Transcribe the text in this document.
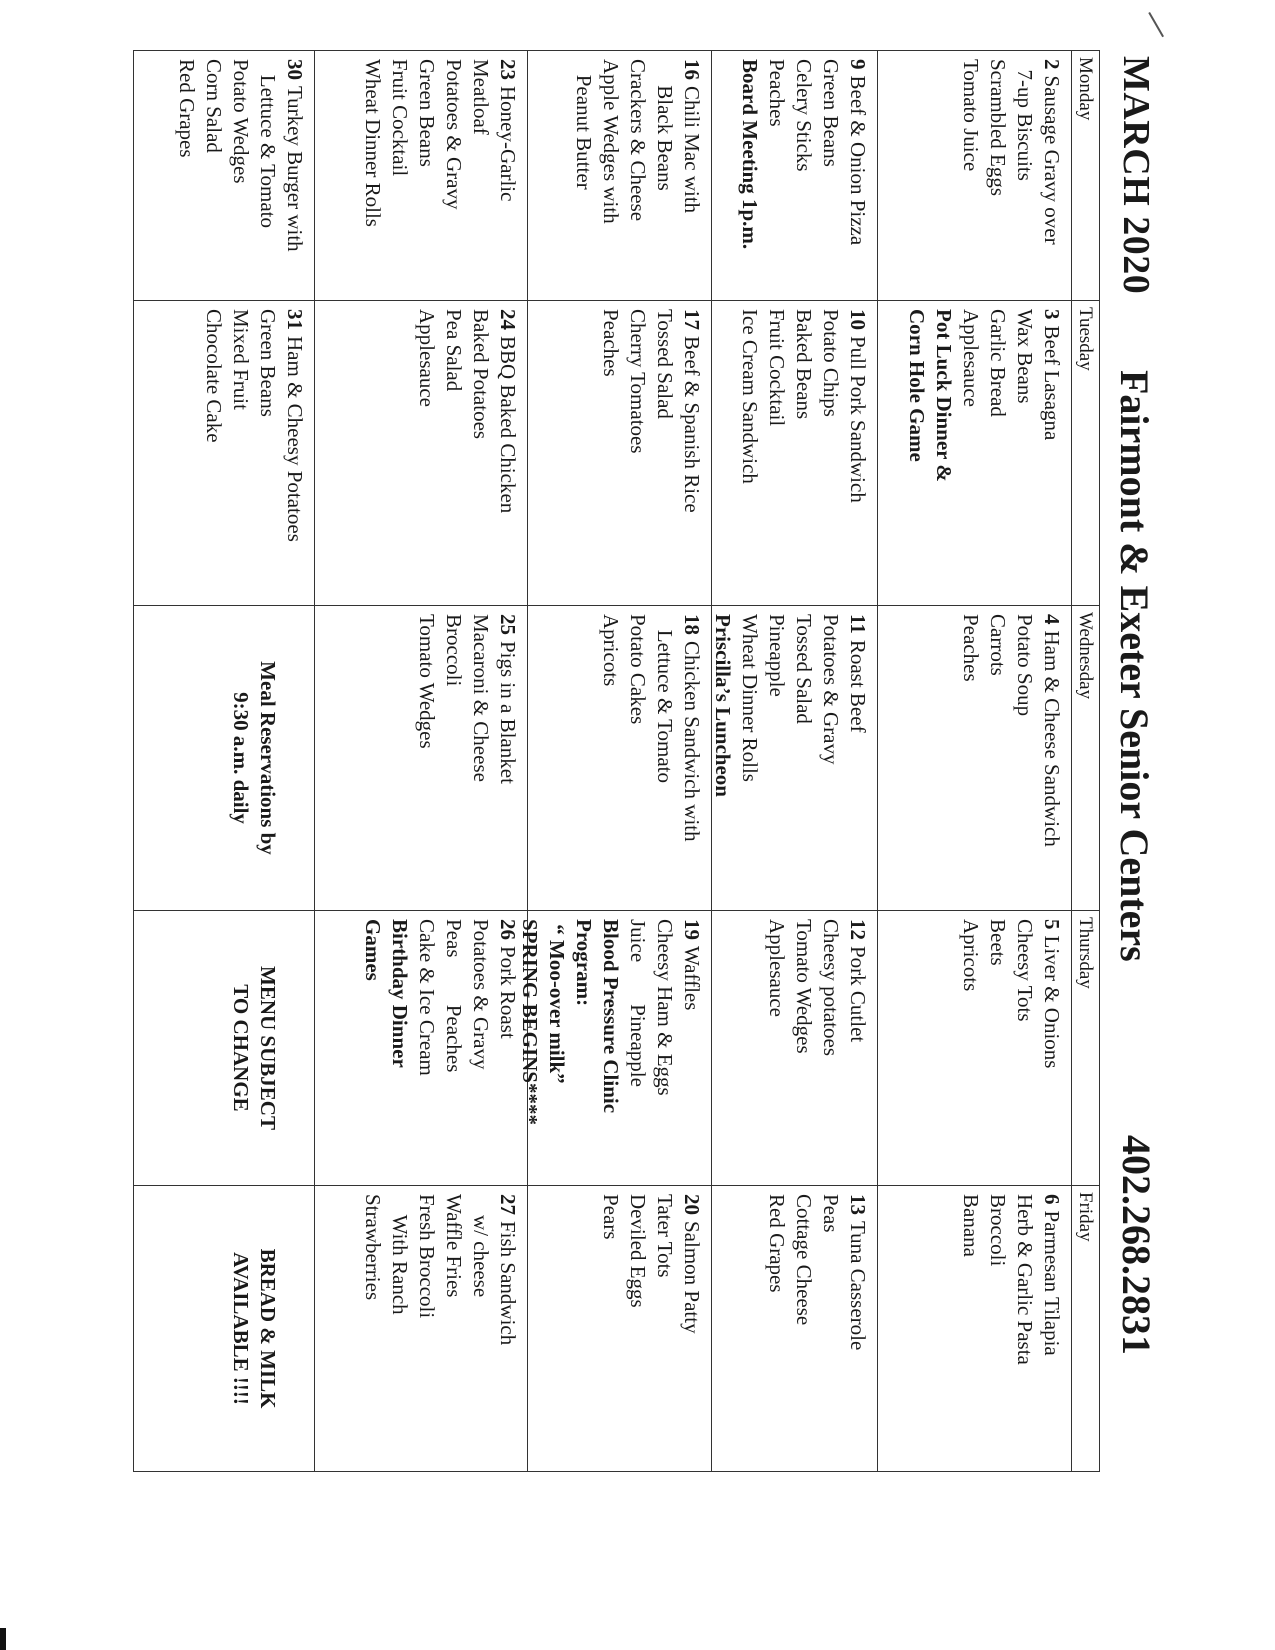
MARCH 2020
Fairmont & Exeter Senior Centers
402.268.2831
Monday
Tuesday
Wednesday
Thursday
Friday
2Sausage Gravy over
7-up Biscuits
Scrambled Eggs
Tomato Juice
3Beef Lasagna
Wax Beans
Garlic Bread
Applesauce
Pot Luck Dinner &
Corn Hole Game
4Ham & Cheese Sandwich
Potato Soup
Carrots
Peaches
5Liver & Onions
Cheesy Tots
Beets
Apricots
6Parmesan Tilapia
Herb & Garlic Pasta
Broccoli
Banana
9Beef & Onion Pizza
Green Beans
Celery Sticks
Peaches
Board Meeting 1p.m.
10Pull Pork Sandwich
Potato Chips
Baked Beans
Fruit Cocktail
Ice Cream Sandwich
11Roast Beef
Potatoes & Gravy
Tossed Salad
Pineapple
Wheat Dinner Rolls
Priscilla’s Luncheon
12Pork Cutlet
Cheesy potatoes
Tomato Wedges
Applesauce
13Tuna Casserole
Peas
Cottage Cheese
Red Grapes
16Chili Mac with
Black Beans
Crackers & Cheese
Apple Wedges with
Peanut Butter
17Beef & Spanish Rice
Tossed Salad
Cherry Tomatoes
Peaches
18Chicken Sandwich with
Lettuce & Tomato
Potato Cakes
Apricots
19Waffles
Cheesy Ham & Eggs
Juice        Pineapple
Blood Pressure Clinic
Program:
“ Moo-over milk”
SPRING BEGINS****
20Salmon Patty
Tater Tots
Deviled Eggs
Pears
23Honey-Garlic
Meatloaf
Potatoes & Gravy
Green Beans
Fruit Cocktail
Wheat Dinner Rolls
24BBQ Baked Chicken
Baked Potatoes
Pea Salad
Applesauce
25Pigs in a Blanket
Macaroni & Cheese
Broccoli
Tomato Wedges
26Pork Roast
Potatoes & Gravy
Peas         Peaches
Cake & Ice Cream
Birthday Dinner
Games
27Fish Sandwich
w/ cheese
Waffle Fries
Fresh Broccoli
With Ranch
Strawberries
30Turkey Burger with
Lettuce & Tomato
Potato Wedges
Corn Salad
Red Grapes
31Ham & Cheesy Potatoes
Green Beans
Mixed Fruit
Chocolate Cake

Meal Reservations by
9:30 a.m. daily

MENU SUBJECT
TO CHANGE

BREAD & MILK
AVAILABLE !!!!
